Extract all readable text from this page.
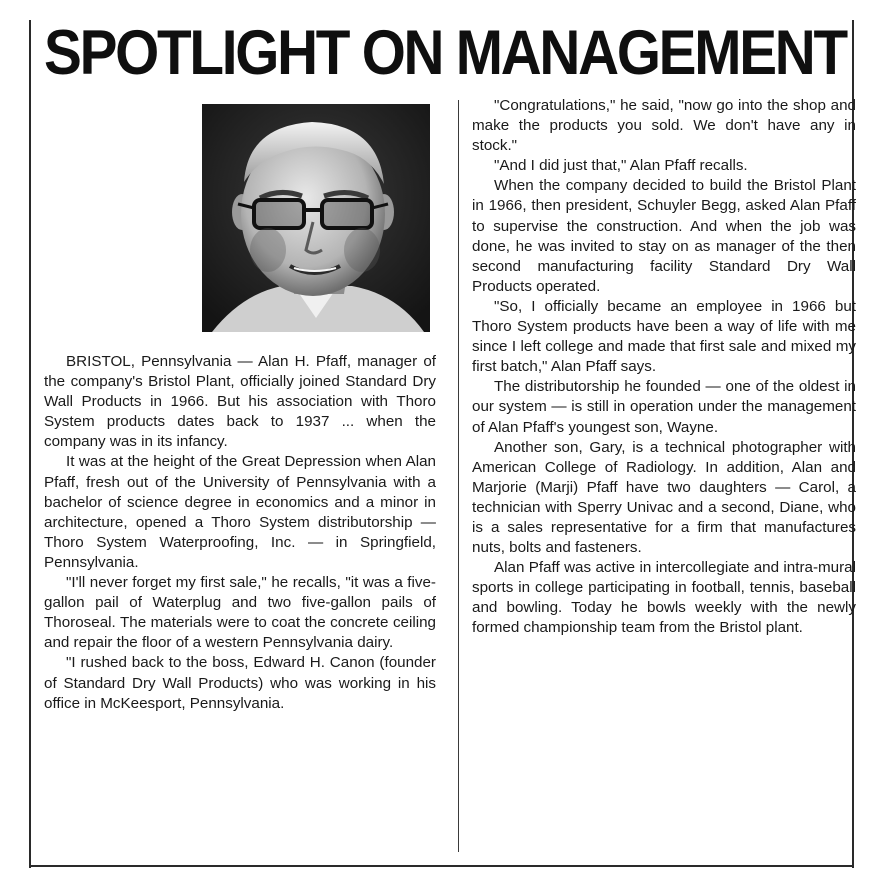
SPOTLIGHT ON MANAGEMENT

BRISTOL, Pennsylvania — Alan H. Pfaff, manager of the company's Bristol Plant, officially joined Standard Dry Wall Products in 1966. But his association with Thoro System products dates back to 1937 ... when the company was in its infancy.

It was at the height of the Great Depression when Alan Pfaff, fresh out of the University of Pennsylvania with a bachelor of science degree in economics and a minor in architecture, opened a Thoro System distributorship — Thoro System Waterproofing, Inc. — in Springfield, Pennsylvania.

"I'll never forget my first sale," he recalls, "it was a five-gallon pail of Waterplug and two five-gallon pails of Thoroseal. The materials were to coat the concrete ceiling and repair the floor of a western Pennsylvania dairy.

"I rushed back to the boss, Edward H. Canon (founder of Standard Dry Wall Products) who was working in his office in McKeesport, Pennsylvania.

"Congratulations," he said, "now go into the shop and make the products you sold. We don't have any in stock."

"And I did just that," Alan Pfaff recalls.

When the company decided to build the Bristol Plant in 1966, then president, Schuyler Begg, asked Alan Pfaff to supervise the construction. And when the job was done, he was invited to stay on as manager of the then second manufacturing facility Standard Dry Wall Products operated.

"So, I officially became an employee in 1966 but Thoro System products have been a way of life with me since I left college and made that first sale and mixed my first batch," Alan Pfaff says.

The distributorship he founded — one of the oldest in our system — is still in operation under the management of Alan Pfaff's youngest son, Wayne.

Another son, Gary, is a technical photographer with American College of Radiology. In addition, Alan and Marjorie (Marji) Pfaff have two daughters — Carol, a technician with Sperry Univac and a second, Diane, who is a sales representative for a firm that manufactures nuts, bolts and fasteners.

Alan Pfaff was active in intercollegiate and intra-mural sports in college participating in football, tennis, baseball and bowling. Today he bowls weekly with the newly formed championship team from the Bristol plant.
